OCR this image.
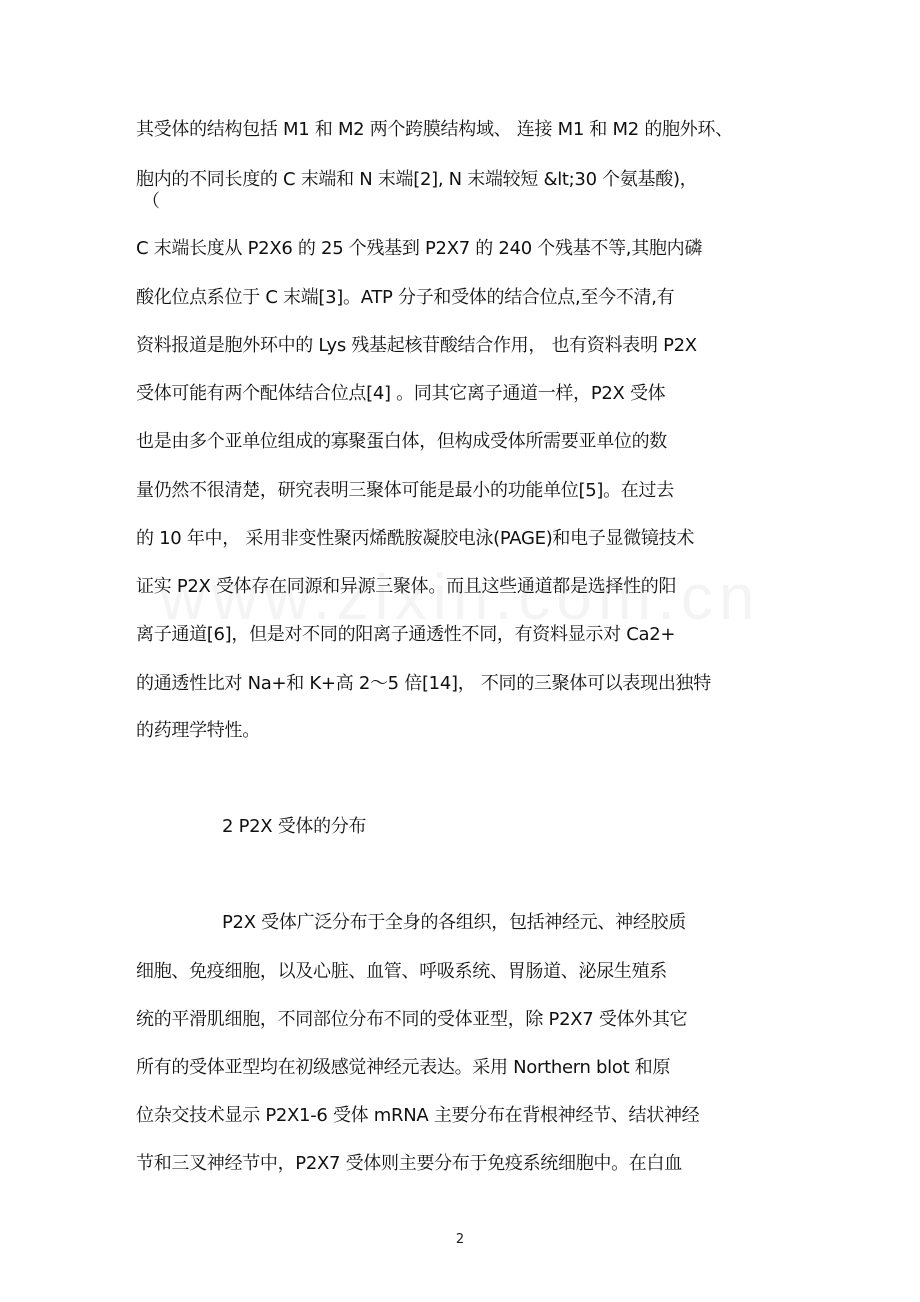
其受体的结构包括 M1 和 M2 两个跨膜结构域、 连接 M1 和 M2 的胞外环、
胞内的不同长度的 C 末端和 N 末端[2], N 末端较短 &lt;30 个氨基酸)，
（
C 末端长度从 P2X6 的 25 个残基到 P2X7 的 240 个残基不等,其胞内磷
酸化位点系位于 C 末端[3]。ATP 分子和受体的结合位点,至今不清,有
资料报道是胞外环中的 Lys 残基起核苷酸结合作用， 也有资料表明 P2X
受体可能有两个配体结合位点[4] 。同其它离子通道一样，P2X 受体
也是由多个亚单位组成的寡聚蛋白体，但构成受体所需要亚单位的数
量仍然不很清楚，研究表明三聚体可能是最小的功能单位[5]。在过去
的 10 年中， 采用非变性聚丙烯酰胺凝胶电泳(PAGE)和电子显微镜技术
证实 P2X 受体存在同源和异源三聚体。而且这些通道都是选择性的阳
离子通道[6]，但是对不同的阳离子通透性不同，有资料显示对 Ca2+
的通透性比对 Na+和 K+高 2～5 倍[14]， 不同的三聚体可以表现出独特
的药理学特性。
2 P2X 受体的分布
P2X 受体广泛分布于全身的各组织，包括神经元、神经胶质
细胞、免疫细胞，以及心脏、血管、呼吸系统、胃肠道、泌尿生殖系
统的平滑肌细胞，不同部位分布不同的受体亚型，除 P2X7 受体外其它
所有的受体亚型均在初级感觉神经元表达。采用 Northern blot 和原
位杂交技术显示 P2X1-6 受体 mRNA 主要分布在背根神经节、结状神经
节和三叉神经节中，P2X7 受体则主要分布于免疫系统细胞中。在白血
2
